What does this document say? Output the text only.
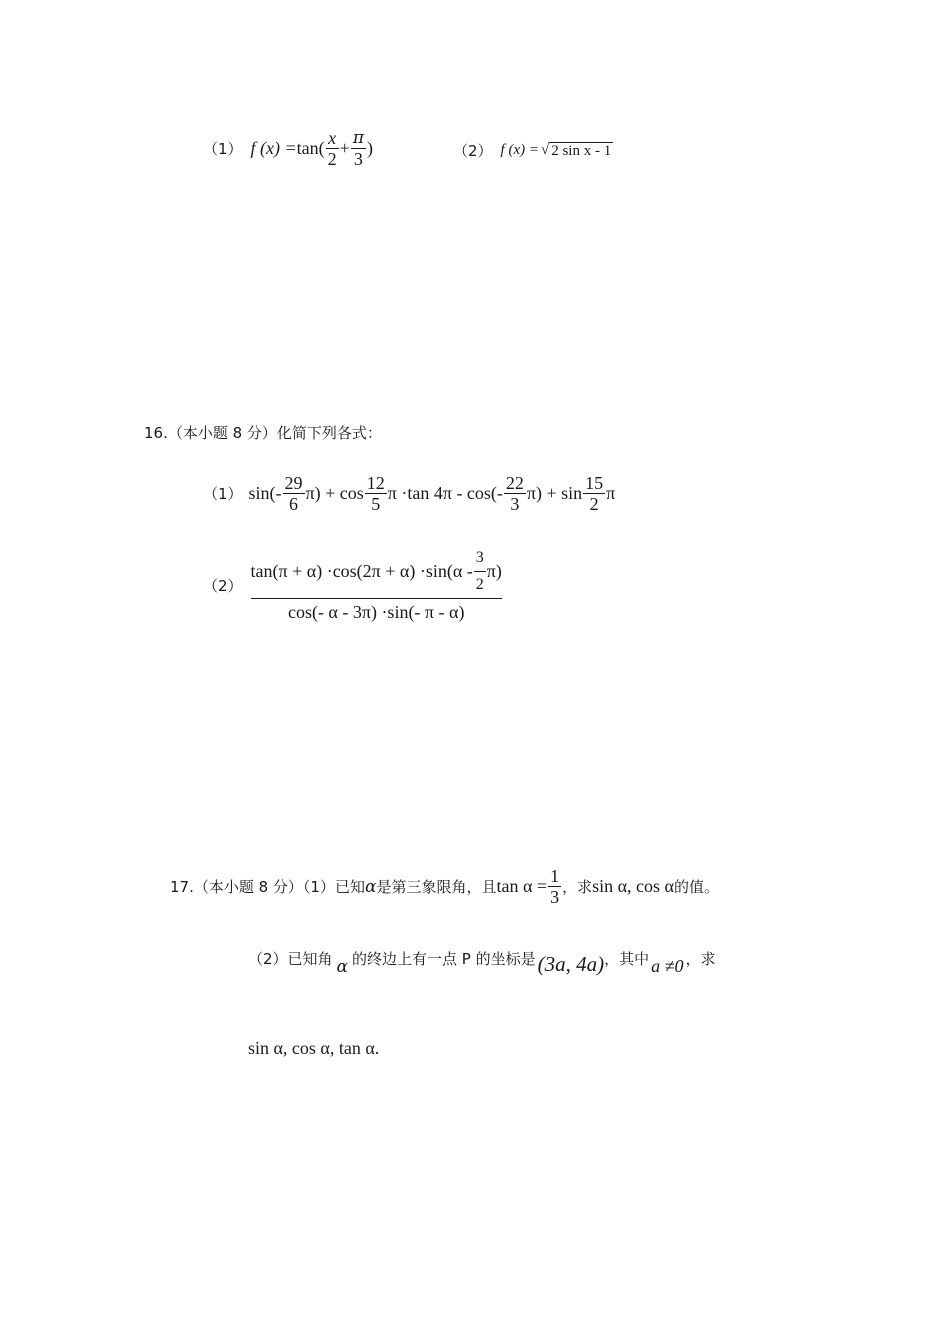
（1） f $(x) = \tan( \frac{x}{2} + \frac{\pi}{3}$ )	（2） f (x) = √ 2 sin x - 1
16.（本小题 8 分）化简下列各式：
（1） $\sin(- \frac{29}{6} \pi) + \cos \frac{12}{5}$ π ·tan $4\pi - \cos(- \frac{22}{3} \pi) + \sin \frac{15}{2}$ π
（2）
$\tan(\pi + \alpha) \cdot\cos(2\pi + \alpha) \cdot\sin(\alpha - \frac{3}{2} \pi)$
cos(- α - 3π) ·sin(- π - α)
17.（本小题 8 分）（1）已知 α 是第三象限角，且 $\tan \alpha = \frac{1}{3}$ ，求 sin α, cos α 的值。
（2）已知角 α 的终边上有一点 P 的坐标是 (3a, 4a) ，其中 a ≠0 ，求
sin α, cos α, tan α.
